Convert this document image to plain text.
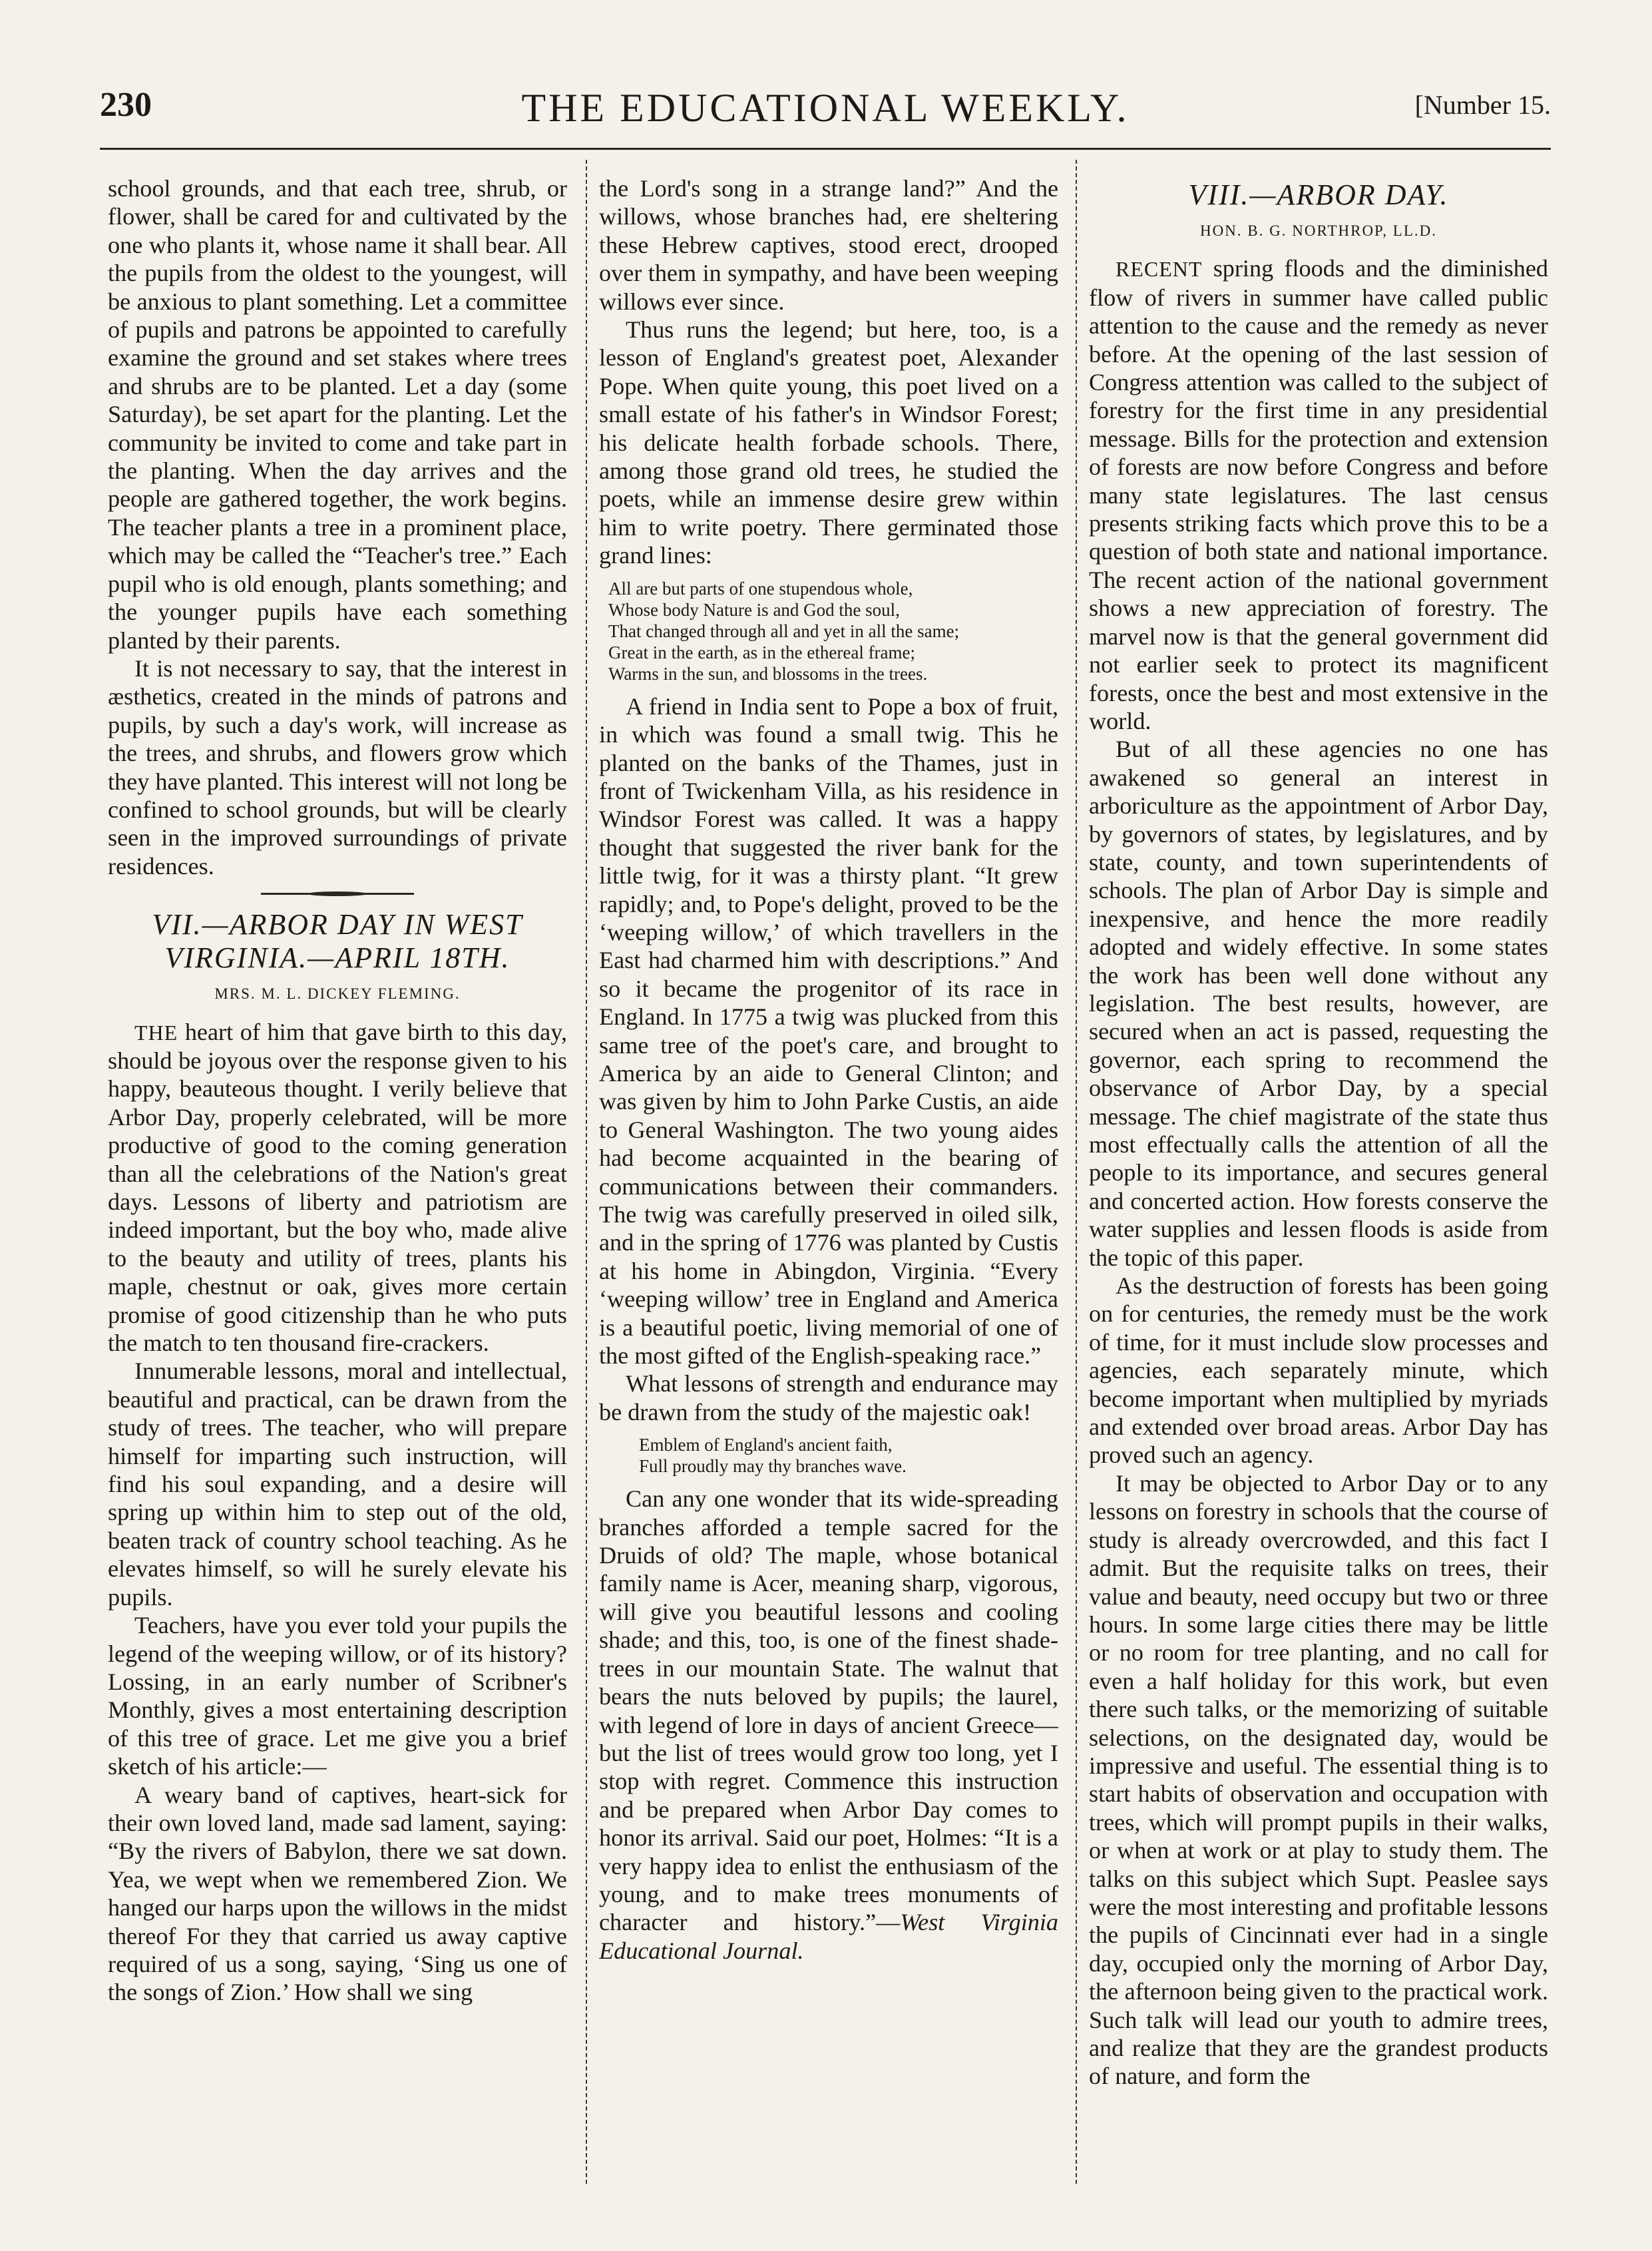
230	THE EDUCATIONAL WEEKLY.	[Number 15.

school grounds, and that each tree, shrub, or flower, shall be cared for and cultivated by the one who plants it, whose name it shall bear. All the pupils from the oldest to the youngest, will be anxious to plant something. Let a committee of pupils and patrons be appointed to carefully examine the ground and set stakes where trees and shrubs are to be planted. Let a day (some Saturday), be set apart for the planting. Let the community be invited to come and take part in the planting. When the day arrives and the people are gathered together, the work begins. The teacher plants a tree in a prominent place, which may be called the “Teacher's tree.” Each pupil who is old enough, plants something; and the younger pupils have each something planted by their parents.

It is not necessary to say, that the interest in æsthetics, created in the minds of patrons and pupils, by such a day's work, will increase as the trees, and shrubs, and flowers grow which they have planted. This interest will not long be confined to school grounds, but will be clearly seen in the improved surroundings of private residences.

VII.—ARBOR DAY IN WEST VIRGINIA.—APRIL 18TH.
MRS. M. L. DICKEY FLEMING.

THE heart of him that gave birth to this day, should be joyous over the response given to his happy, beauteous thought. I verily believe that Arbor Day, properly celebrated, will be more productive of good to the coming generation than all the celebrations of the Nation's great days. Lessons of liberty and patriotism are indeed important, but the boy who, made alive to the beauty and utility of trees, plants his maple, chestnut or oak, gives more certain promise of good citizenship than he who puts the match to ten thousand fire-crackers.

Innumerable lessons, moral and intellectual, beautiful and practical, can be drawn from the study of trees. The teacher, who will prepare himself for imparting such instruction, will find his soul expanding, and a desire will spring up within him to step out of the old, beaten track of country school teaching. As he elevates himself, so will he surely elevate his pupils.

Teachers, have you ever told your pupils the legend of the weeping willow, or of its history? Lossing, in an early number of Scribner's Monthly, gives a most entertaining description of this tree of grace. Let me give you a brief sketch of his article:—

A weary band of captives, heart-sick for their own loved land, made sad lament, saying: “By the rivers of Babylon, there we sat down. Yea, we wept when we remembered Zion. We hanged our harps upon the willows in the midst thereof For they that carried us away captive required of us a song, saying, ‘Sing us one of the songs of Zion.’ How shall we sing

the Lord's song in a strange land?” And the willows, whose branches had, ere sheltering these Hebrew captives, stood erect, drooped over them in sympathy, and have been weeping willows ever since.

Thus runs the legend; but here, too, is a lesson of England's greatest poet, Alexander Pope. When quite young, this poet lived on a small estate of his father's in Windsor Forest; his delicate health forbade schools. There, among those grand old trees, he studied the poets, while an immense desire grew within him to write poetry. There germinated those grand lines:

All are but parts of one stupendous whole,
Whose body Nature is and God the soul,
That changed through all and yet in all the same;
Great in the earth, as in the ethereal frame;
Warms in the sun, and blossoms in the trees.

A friend in India sent to Pope a box of fruit, in which was found a small twig. This he planted on the banks of the Thames, just in front of Twickenham Villa, as his residence in Windsor Forest was called. It was a happy thought that suggested the river bank for the little twig, for it was a thirsty plant. “It grew rapidly; and, to Pope's delight, proved to be the ‘weeping willow,’ of which travellers in the East had charmed him with descriptions.” And so it became the progenitor of its race in England. In 1775 a twig was plucked from this same tree of the poet's care, and brought to America by an aide to General Clinton; and was given by him to John Parke Custis, an aide to General Washington. The two young aides had become acquainted in the bearing of communications between their commanders. The twig was carefully preserved in oiled silk, and in the spring of 1776 was planted by Custis at his home in Abingdon, Virginia. “Every ‘weeping willow’ tree in England and America is a beautiful poetic, living memorial of one of the most gifted of the English-speaking race.”

What lessons of strength and endurance may be drawn from the study of the majestic oak!

Emblem of England's ancient faith,
Full proudly may thy branches wave.

Can any one wonder that its wide-spreading branches afforded a temple sacred for the Druids of old? The maple, whose botanical family name is Acer, meaning sharp, vigorous, will give you beautiful lessons and cooling shade; and this, too, is one of the finest shade-trees in our mountain State. The walnut that bears the nuts beloved by pupils; the laurel, with legend of lore in days of ancient Greece—but the list of trees would grow too long, yet I stop with regret. Commence this instruction and be prepared when Arbor Day comes to honor its arrival. Said our poet, Holmes: “It is a very happy idea to enlist the enthusiasm of the young, and to make trees monuments of character and history.”—West Virginia Educational Journal.

VIII.—ARBOR DAY.
HON. B. G. NORTHROP, LL.D.

RECENT spring floods and the diminished flow of rivers in summer have called public attention to the cause and the remedy as never before. At the opening of the last session of Congress attention was called to the subject of forestry for the first time in any presidential message. Bills for the protection and extension of forests are now before Congress and before many state legislatures. The last census presents striking facts which prove this to be a question of both state and national importance. The recent action of the national government shows a new appreciation of forestry. The marvel now is that the general government did not earlier seek to protect its magnificent forests, once the best and most extensive in the world.

But of all these agencies no one has awakened so general an interest in arboriculture as the appointment of Arbor Day, by governors of states, by legislatures, and by state, county, and town superintendents of schools. The plan of Arbor Day is simple and inexpensive, and hence the more readily adopted and widely effective. In some states the work has been well done without any legislation. The best results, however, are secured when an act is passed, requesting the governor, each spring to recommend the observance of Arbor Day, by a special message. The chief magistrate of the state thus most effectually calls the attention of all the people to its importance, and secures general and concerted action. How forests conserve the water supplies and lessen floods is aside from the topic of this paper.

As the destruction of forests has been going on for centuries, the remedy must be the work of time, for it must include slow processes and agencies, each separately minute, which become important when multiplied by myriads and extended over broad areas. Arbor Day has proved such an agency.

It may be objected to Arbor Day or to any lessons on forestry in schools that the course of study is already overcrowded, and this fact I admit. But the requisite talks on trees, their value and beauty, need occupy but two or three hours. In some large cities there may be little or no room for tree planting, and no call for even a half holiday for this work, but even there such talks, or the memorizing of suitable selections, on the designated day, would be impressive and useful. The essential thing is to start habits of observation and occupation with trees, which will prompt pupils in their walks, or when at work or at play to study them. The talks on this subject which Supt. Peaslee says were the most interesting and profitable lessons the pupils of Cincinnati ever had in a single day, occupied only the morning of Arbor Day, the afternoon being given to the practical work. Such talk will lead our youth to admire trees, and realize that they are the grandest products of nature, and form the
